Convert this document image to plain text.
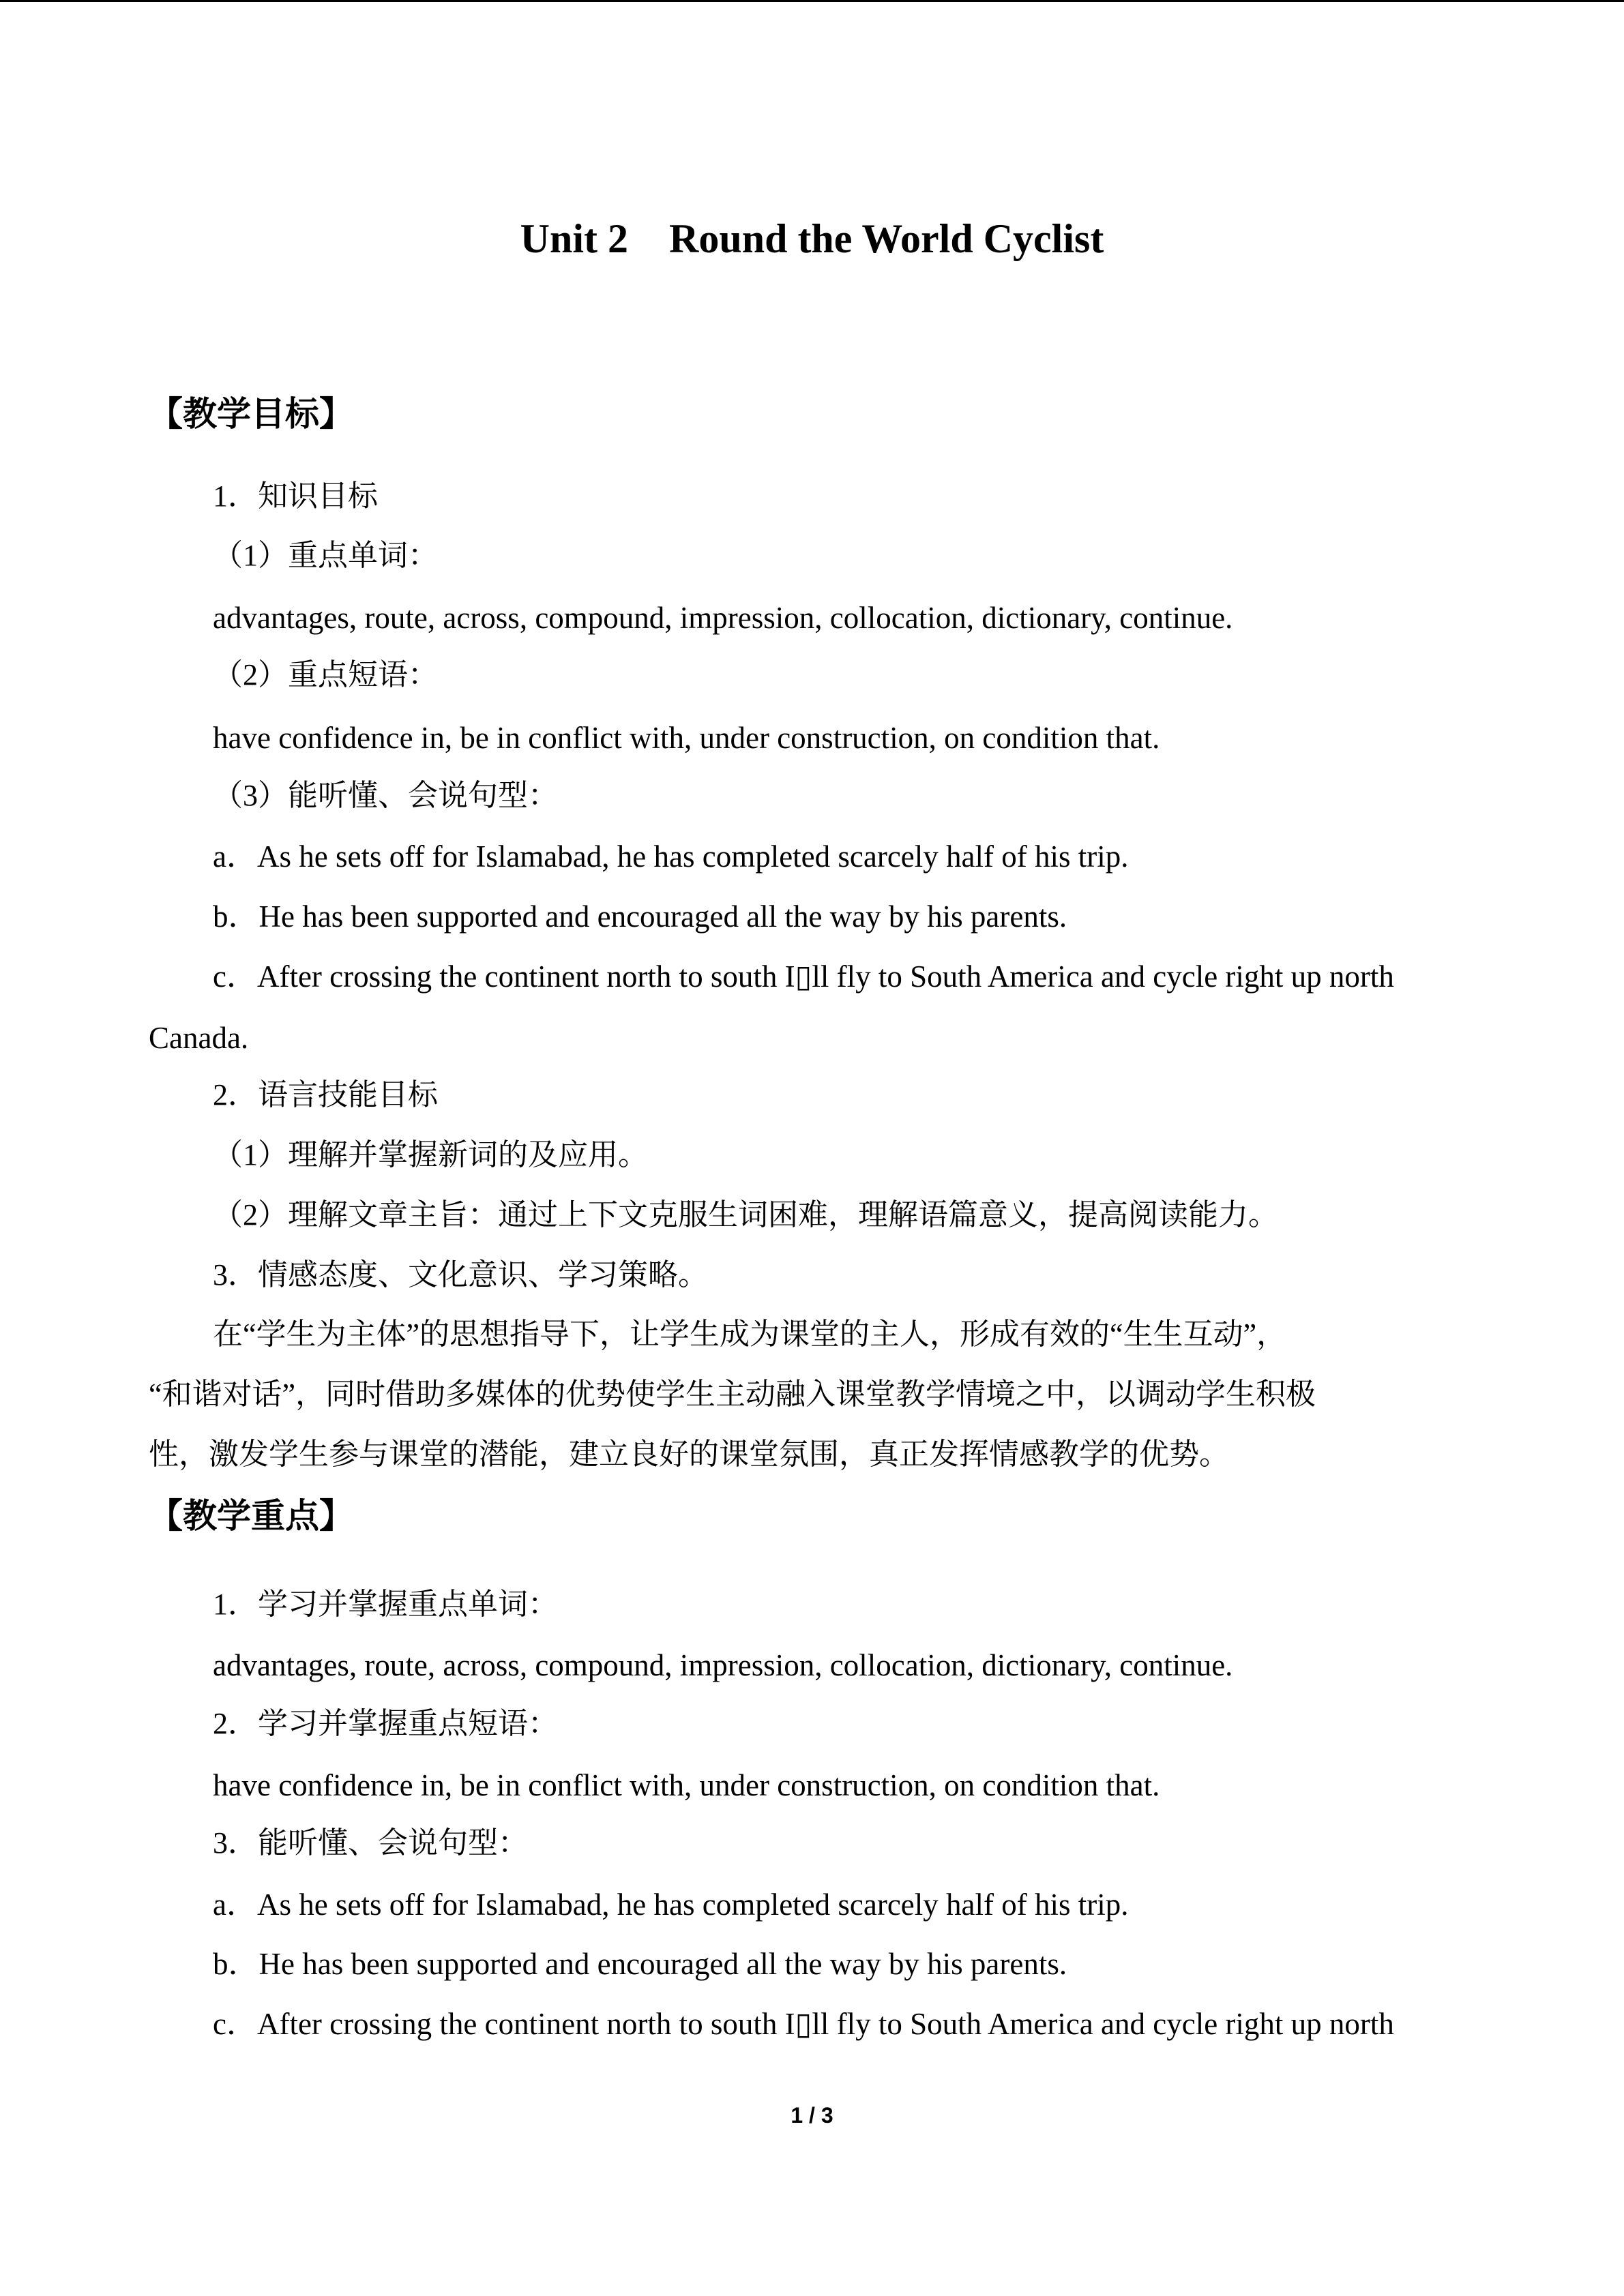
Unit 2    Round the World Cyclist
【教学目标】
1．知识目标
（1）重点单词：
advantages, route, across, compound, impression, collocation, dictionary, continue.
（2）重点短语：
have confidence in, be in conflict with, under construction, on condition that.
（3）能听懂、会说句型：
a．As he sets off for Islamabad, he has completed scarcely half of his trip.
b．He has been supported and encouraged all the way by his parents.
c．After crossing the continent north to south I▯ll fly to South America and cycle right up north
Canada.
2．语言技能目标
（1）理解并掌握新词的及应用。
（2）理解文章主旨：通过上下文克服生词困难，理解语篇意义，提高阅读能力。
3．情感态度、文化意识、学习策略。
在“学生为主体”的思想指导下，让学生成为课堂的主人，形成有效的“生生互动”，
“和谐对话”，同时借助多媒体的优势使学生主动融入课堂教学情境之中，以调动学生积极
性，激发学生参与课堂的潜能，建立良好的课堂氛围，真正发挥情感教学的优势。
【教学重点】
1．学习并掌握重点单词：
advantages, route, across, compound, impression, collocation, dictionary, continue.
2．学习并掌握重点短语：
have confidence in, be in conflict with, under construction, on condition that.
3．能听懂、会说句型：
a．As he sets off for Islamabad, he has completed scarcely half of his trip.
b．He has been supported and encouraged all the way by his parents.
c．After crossing the continent north to south I▯ll fly to South America and cycle right up north
1 / 3
